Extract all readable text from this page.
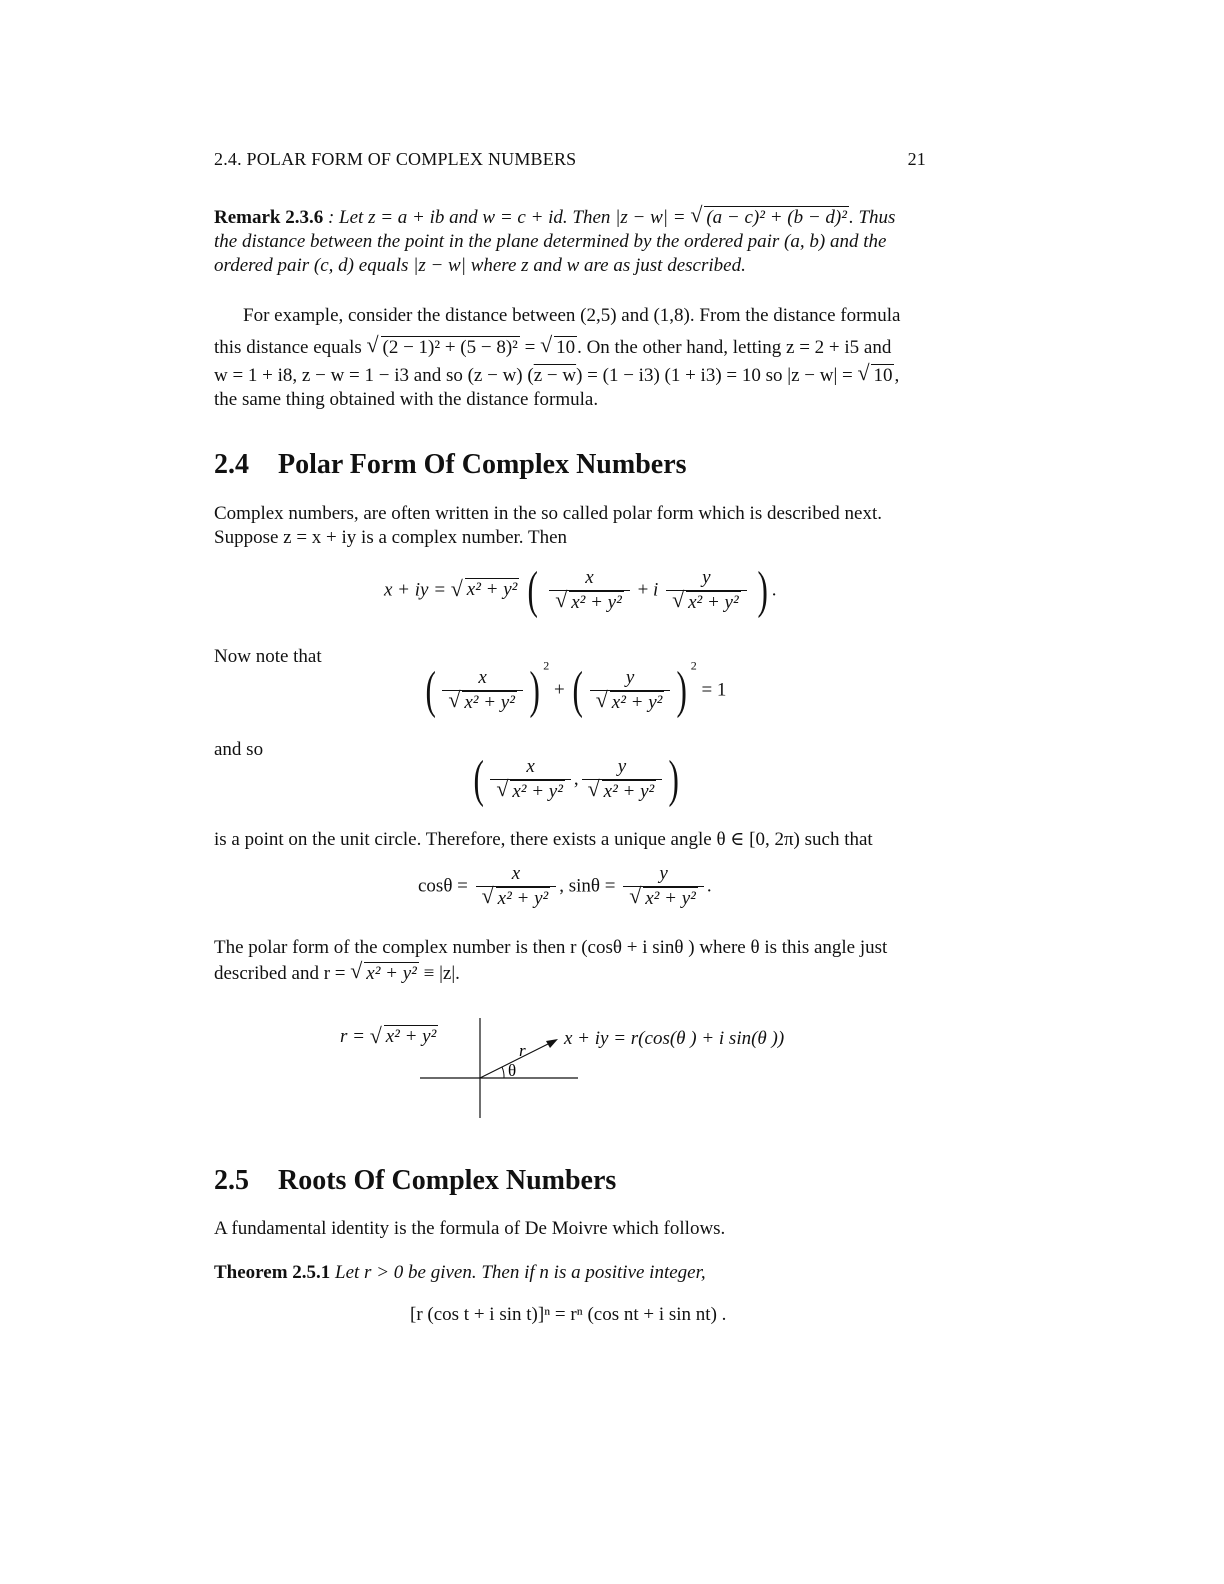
2.4. POLAR FORM OF COMPLEX NUMBERS	21
Remark 2.3.6 : Let z = a + ib and w = c + id. Then |z − w| = √ (a − c)² + (b − d)² . Thus
the distance between the point in the plane determined by the ordered pair (a, b) and the
ordered pair (c, d) equals |z − w| where z and w are as just described.
For example, consider the distance between (2,5) and (1,8). From the distance formula
this distance equals √ (2 − 1)² + (5 − 8)² = √ 10 . On the other hand, letting z = 2 + i5 and
w = 1 + i8, z − w = 1 − i3 and so (z − w) (z − w) = (1 − i3) (1 + i3) = 10 so |z − w| = √ 10 ,
the same thing obtained with the distance formula.
2.4 Polar Form Of Complex Numbers
Complex numbers, are often written in the so called polar form which is described next.
Suppose z = x + iy is a complex number. Then
x + iy = √ x² + y² ( x
√ x² + y² + i y
√ x² + y² ) .
Now note that
( x
√ x² + y² ) $^2$ + ( y
√ x² + y² ) $^2$ = 1
and so
( x
√ x² + y² , y
√ x² + y² )
is a point on the unit circle. Therefore, there exists a unique angle θ ∈ [0, 2π) such that
cosθ = x
√ x² + y² , sinθ = y
√ x² + y² .
The polar form of the complex number is then r (cosθ + i sinθ ) where θ is this angle just
described and r = √ x² + y² ≡ |z|.
r = √ x² + y²
r
θ
x + iy = r(cos(θ ) + i sin(θ ))
2.5 Roots Of Complex Numbers
A fundamental identity is the formula of De Moivre which follows.
Theorem 2.5.1 Let r > 0 be given. Then if n is a positive integer,
[r (cos t + i sin t)]ⁿ = rⁿ (cos nt + i sin nt) .
